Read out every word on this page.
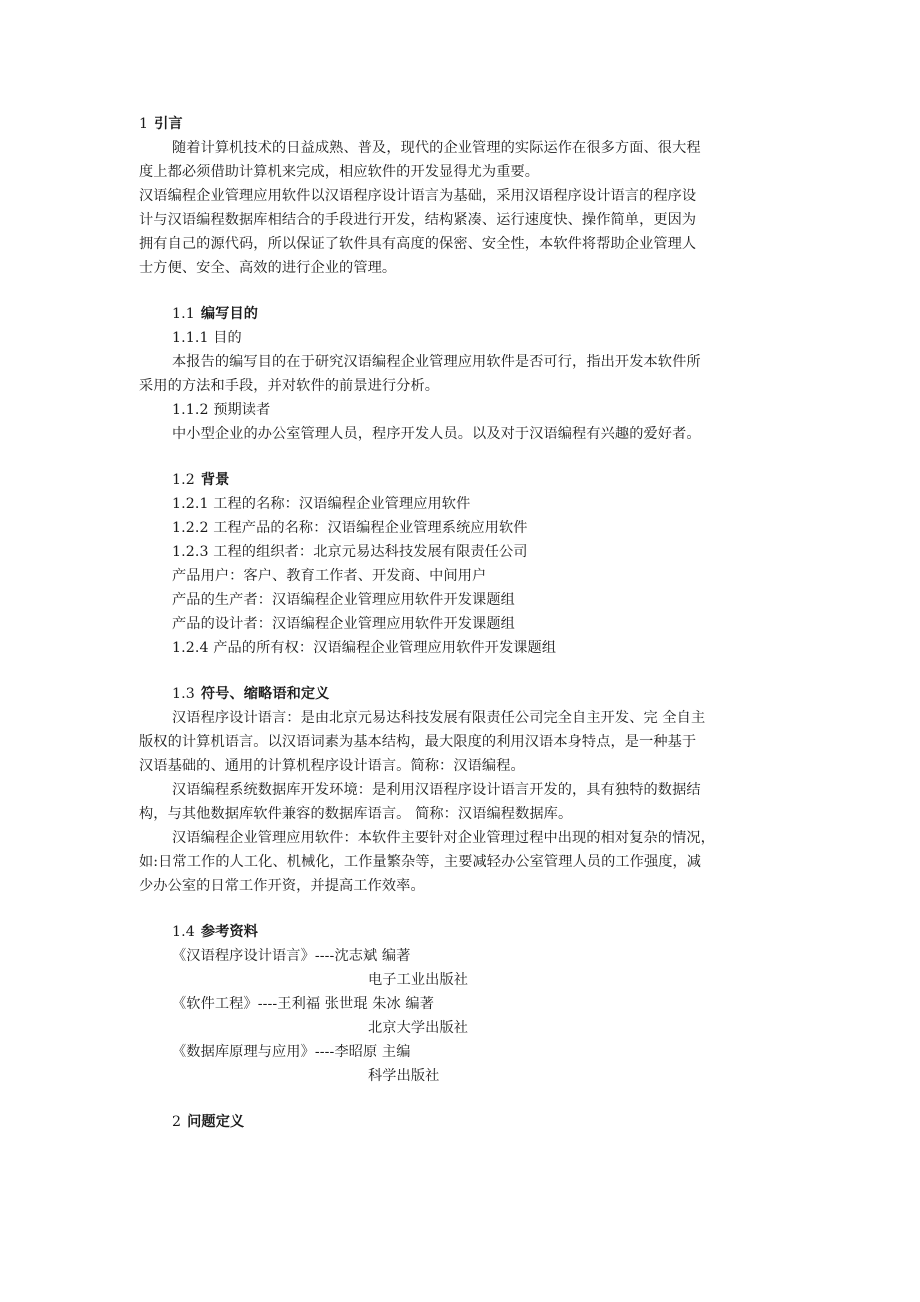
1 引言
随着计算机技术的日益成熟、普及，现代的企业管理的实际运作在很多方面、很大程
度上都必须借助计算机来完成，相应软件的开发显得尤为重要。
汉语编程企业管理应用软件以汉语程序设计语言为基础，采用汉语程序设计语言的程序设
计与汉语编程数据库相结合的手段进行开发，结构紧凑、运行速度快、操作简单，更因为
拥有自己的源代码，所以保证了软件具有高度的保密、安全性，本软件将帮助企业管理人
士方便、安全、高效的进行企业的管理。
1.1 编写目的
1.1.1 目的
本报告的编写目的在于研究汉语编程企业管理应用软件是否可行，指出开发本软件所
采用的方法和手段，并对软件的前景进行分析。
1.1.2 预期读者
中小型企业的办公室管理人员，程序开发人员。以及对于汉语编程有兴趣的爱好者。
1.2 背景
1.2.1 工程的名称：汉语编程企业管理应用软件
1.2.2 工程产品的名称：汉语编程企业管理系统应用软件
1.2.3 工程的组织者：北京元易达科技发展有限责任公司
产品用户：客户、教育工作者、开发商、中间用户
产品的生产者：汉语编程企业管理应用软件开发课题组
产品的设计者：汉语编程企业管理应用软件开发课题组
1.2.4 产品的所有权：汉语编程企业管理应用软件开发课题组
1.3 符号、缩略语和定义
汉语程序设计语言：是由北京元易达科技发展有限责任公司完全自主开发、完 全自主
版权的计算机语言。以汉语词素为基本结构，最大限度的利用汉语本身特点，是一种基于
汉语基础的、通用的计算机程序设计语言。简称：汉语编程。
汉语编程系统数据库开发环境：是利用汉语程序设计语言开发的，具有独特的数据结
构，与其他数据库软件兼容的数据库语言。 简称：汉语编程数据库。
汉语编程企业管理应用软件：本软件主要针对企业管理过程中出现的相对复杂的情况，
如:日常工作的人工化、机械化，工作量繁杂等，主要减轻办公室管理人员的工作强度，减
少办公室的日常工作开资，并提高工作效率。
1.4 参考资料
《汉语程序设计语言》----沈志斌 编著
电子工业出版社
《软件工程》----王利福 张世琨 朱冰 编著
北京大学出版社
《数据库原理与应用》----李昭原 主编
科学出版社
2 问题定义
